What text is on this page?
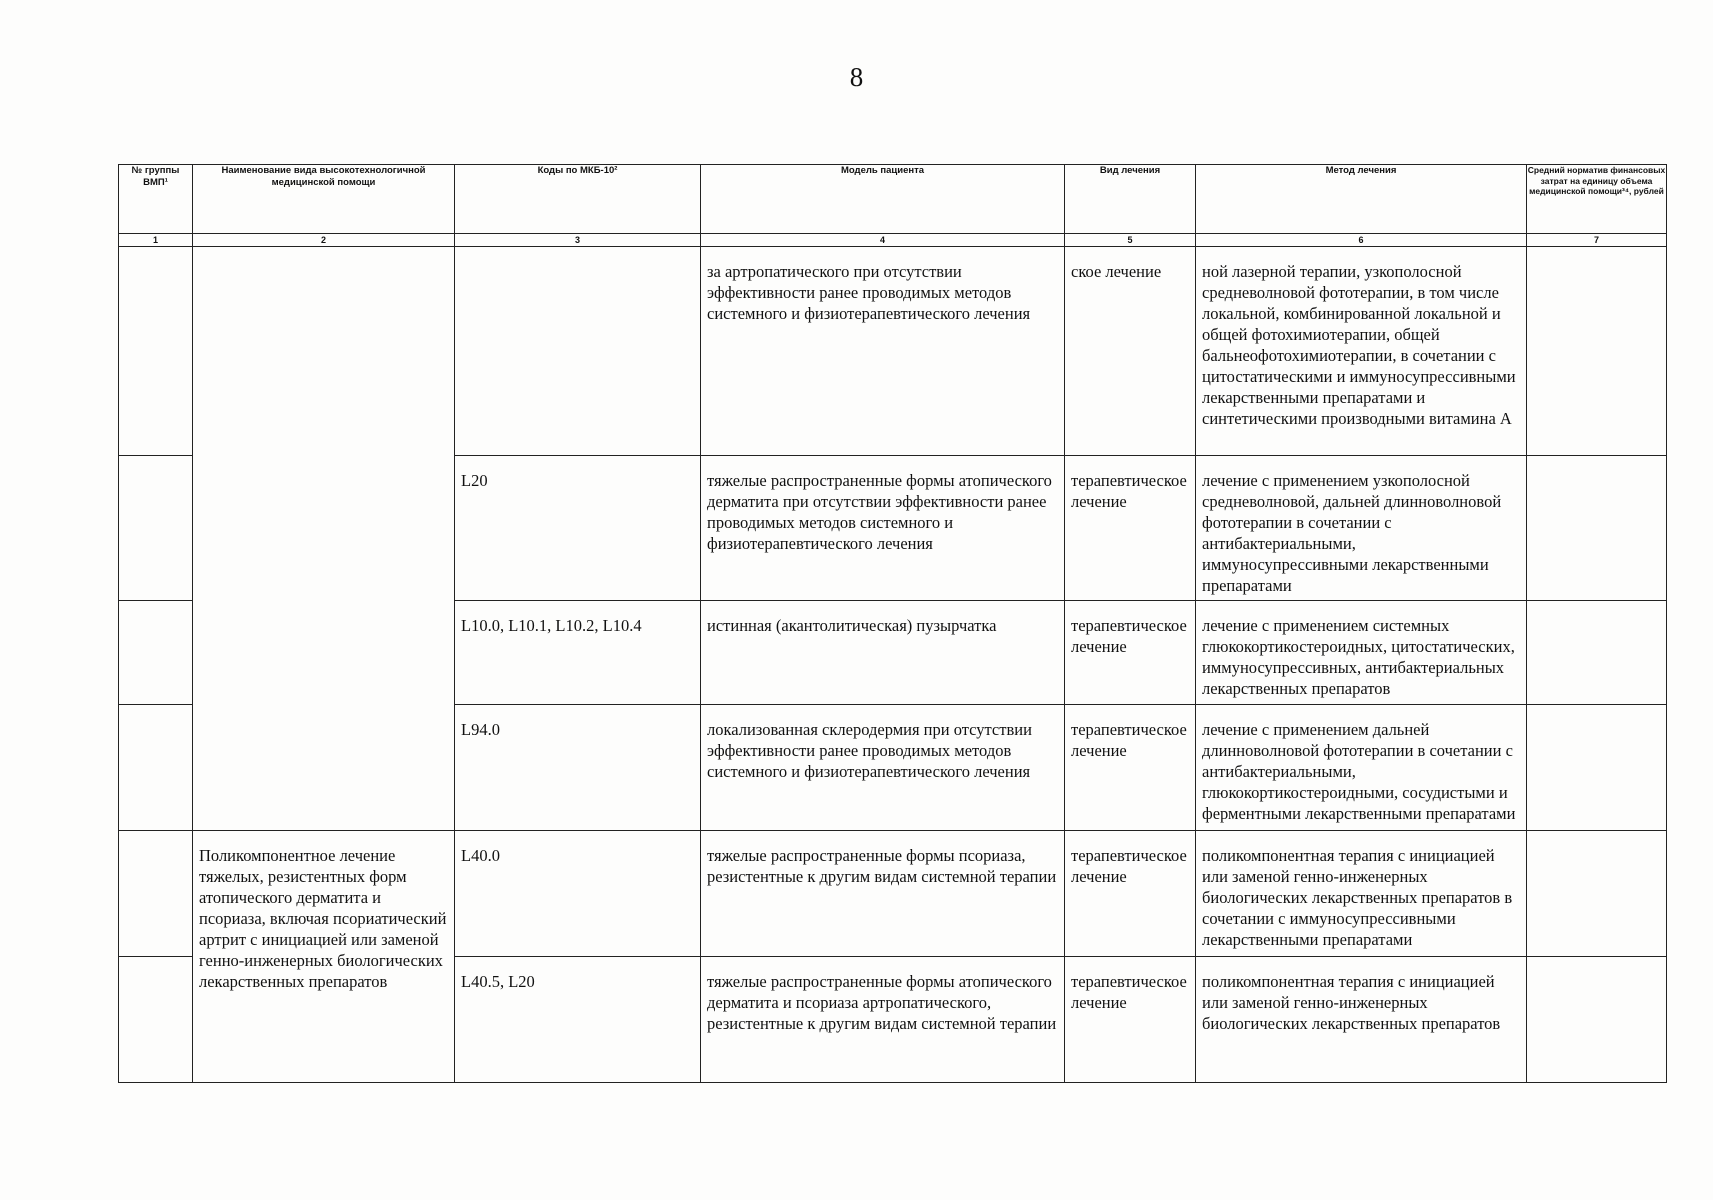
8
№ группы ВМП¹	Наименование вида высокотехнологичной медицинской помощи	Коды по МКБ-10²	Модель пациента	Вид лечения	Метод лечения	Средний норматив финансовых затрат на единицу объема медицинской помощи³⁴, рублей
1	2	3	4	5	6	7

			за артропатического при отсутствии эффективности ранее проводимых методов системного и физиотерапевтического лечения	ское лечение	ной лазерной терапии, узкополосной средневолновой фототерапии, в том числе локальной, комбинированной локальной и общей фотохимиотерапии, общей бальнеофотохимиотерапии, в сочетании с цитостатическими и иммуносупрессивными лекарственными препаратами и синтетическими производными витамина А	

		L20	тяжелые распространенные формы атопического дерматита при отсутствии эффективности ранее проводимых методов системного и физиотерапевтического лечения	терапевтическое лечение	лечение с применением узкополосной средневолновой, дальней длинноволновой фототерапии в сочетании с антибактериальными, иммуносупрессивными лекарственными препаратами	

		L10.0, L10.1, L10.2, L10.4	истинная (акантолитическая) пузырчатка	терапевтическое лечение	лечение с применением системных глюкокортикостероидных, цитостатических, иммуносупрессивных, антибактериальных лекарственных препаратов	

		L94.0	локализованная склеродермия при отсутствии эффективности ранее проводимых методов системного и физиотерапевтического лечения	терапевтическое лечение	лечение с применением дальней длинноволновой фототерапии в сочетании с антибактериальными, глюкокортикостероидными, сосудистыми и ферментными лекарственными препаратами	

	Поликомпонентное лечение тяжелых, резистентных форм атопического дерматита и псориаза, включая псориатический артрит с инициацией или заменой генно-инженерных биологических лекарственных препаратов	L40.0	тяжелые распространенные формы псориаза, резистентные к другим видам системной терапии	терапевтическое лечение	поликомпонентная терапия с инициацией или заменой генно-инженерных биологических лекарственных препаратов в сочетании с иммуносупрессивными лекарственными препаратами	

		L40.5, L20	тяжелые распространенные формы атопического дерматита и псориаза артропатического, резистентные к другим видам системной терапии	терапевтическое лечение	поликомпонентная терапия с инициацией или заменой генно-инженерных биологических лекарственных препаратов	
